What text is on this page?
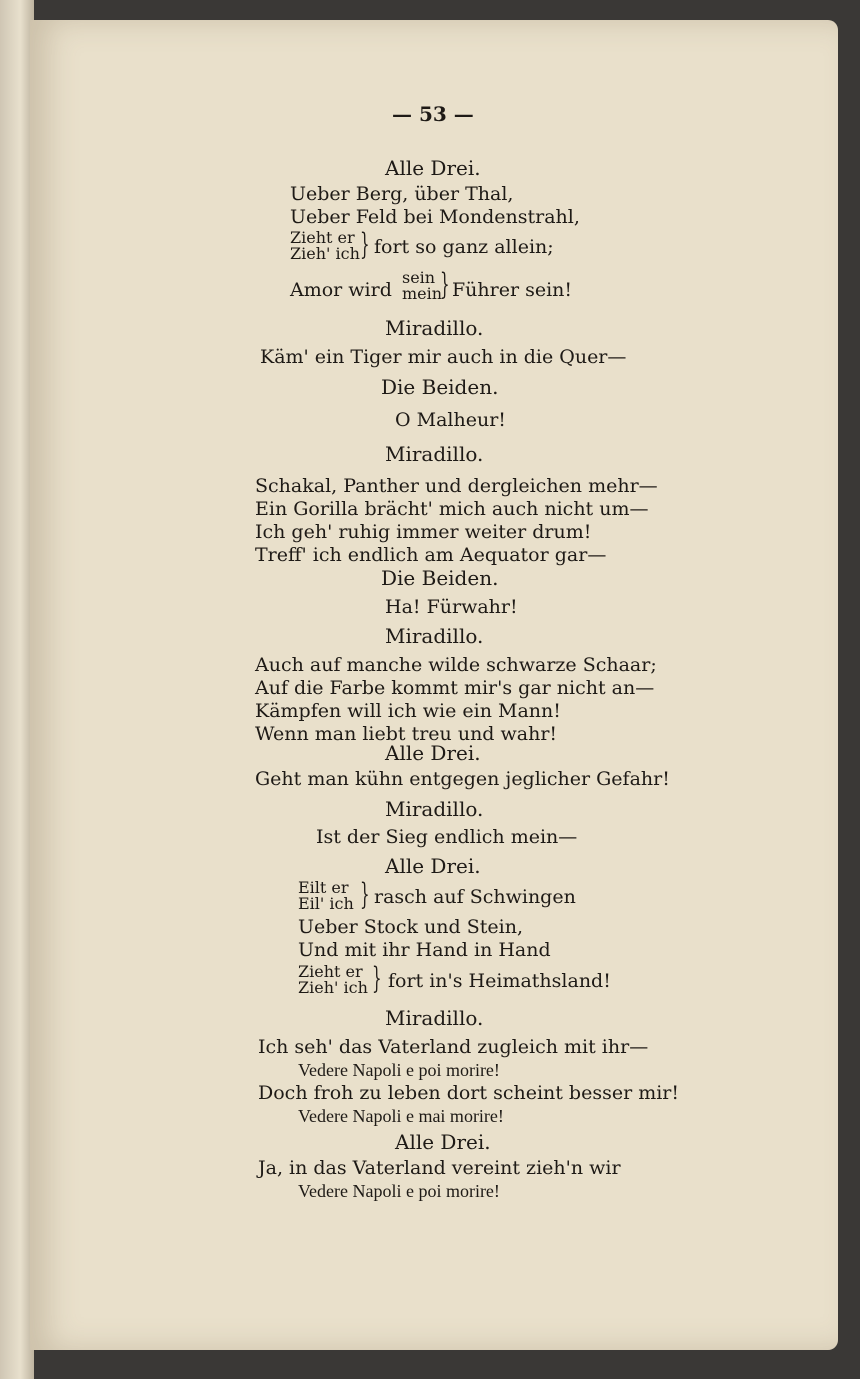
— 53 —
Alle Drei.
Ueber Berg, über Thal,
Ueber Feld bei Mondenstrahl,
Zieht er
Zieh' ich } fort so ganz allein;
Amor wird
sein
mein
} Führer sein!
Miradillo.
Käm' ein Tiger mir auch in die Quer—
Die Beiden.
O Malheur!
Miradillo.
Schakal, Panther und dergleichen mehr—
Ein Gorilla brächt' mich auch nicht um—
Ich geh' ruhig immer weiter drum!
Treff' ich endlich am Aequator gar—
Die Beiden.
Ha! Fürwahr!
Miradillo.
Auch auf manche wilde schwarze Schaar;
Auf die Farbe kommt mir's gar nicht an—
Kämpfen will ich wie ein Mann!
Wenn man liebt treu und wahr!
Alle Drei.
Geht man kühn entgegen jeglicher Gefahr!
Miradillo.
Ist der Sieg endlich mein—
Alle Drei.
Eilt er
Eil' ich } rasch auf Schwingen
Ueber Stock und Stein,
Und mit ihr Hand in Hand
Zieht er
Zieh' ich } fort in's Heimathsland!
Miradillo.
Ich seh' das Vaterland zugleich mit ihr—
Vedere Napoli e poi morire!
Doch froh zu leben dort scheint besser mir!
Vedere Napoli e mai morire!
Alle Drei.
Ja, in das Vaterland vereint zieh'n wir
Vedere Napoli e poi morire!
